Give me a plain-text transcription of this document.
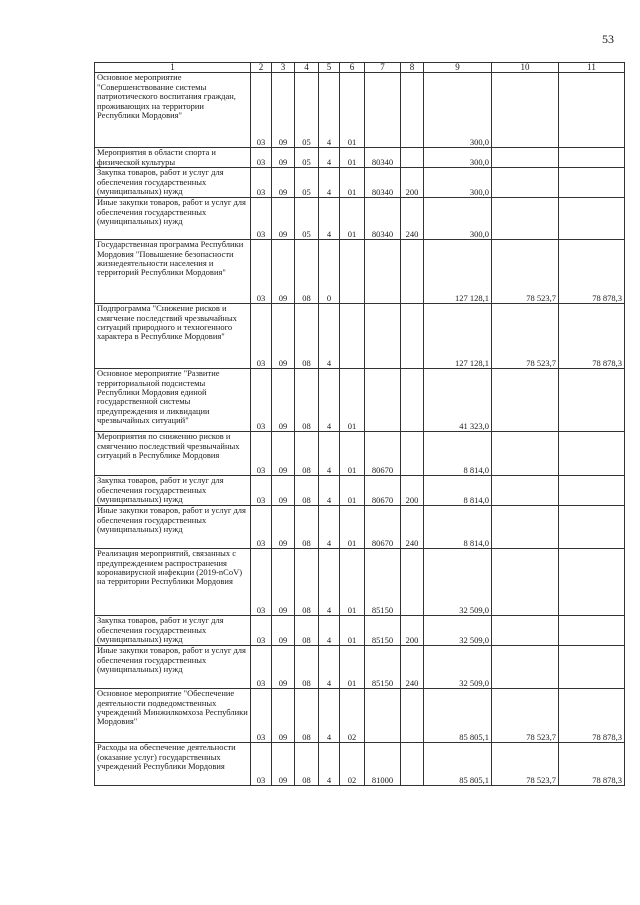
53
1	2	3	4	5	6	7	8	9	10	11
Основное мероприятие "Совершенствование системы патриотического воспитания граждан, проживающих на территории Республики Мордовия"	03	09	05	4	01			300,0		
Мероприятия в области спорта и физической культуры	03	09	05	4	01	80340		300,0		
Закупка товаров, работ и услуг для обеспечения государственных (муниципальных) нужд	03	09	05	4	01	80340	200	300,0		
Иные закупки товаров, работ и услуг для обеспечения государственных (муниципальных) нужд	03	09	05	4	01	80340	240	300,0		
Государственная программа Республики Мордовия "Повышение безопасности жизнедеятельности населения и территорий Республики Мордовия"	03	09	08	0				127 128,1	78 523,7	78 878,3
Подпрограмма "Снижение рисков и смягчение последствий чрезвычайных ситуаций природного и техногенного характера в Республике Мордовия"	03	09	08	4				127 128,1	78 523,7	78 878,3
Основное мероприятие "Развитие территориальной подсистемы Республики Мордовия единой государственной системы предупреждения и ликвидации чрезвычайных ситуаций"	03	09	08	4	01			41 323,0		
Мероприятия по снижению рисков и смягчению последствий чрезвычайных ситуаций в Республике Мордовия	03	09	08	4	01	80670		8 814,0		
Закупка товаров, работ и услуг для обеспечения государственных (муниципальных) нужд	03	09	08	4	01	80670	200	8 814,0		
Иные закупки товаров, работ и услуг для обеспечения государственных (муниципальных) нужд	03	09	08	4	01	80670	240	8 814,0		
Реализация мероприятий, связанных с предупреждением распространения коронавирусной инфекции (2019-nCoV) на территории Республики Мордовия	03	09	08	4	01	85150		32 509,0		
Закупка товаров, работ и услуг для обеспечения государственных (муниципальных) нужд	03	09	08	4	01	85150	200	32 509,0		
Иные закупки товаров, работ и услуг для обеспечения государственных (муниципальных) нужд	03	09	08	4	01	85150	240	32 509,0		
Основное мероприятие "Обеспечение деятельности подведомственных учреждений Минжилкомхоза Республики Мордовия"	03	09	08	4	02			85 805,1	78 523,7	78 878,3
Расходы на обеспечение деятельности (оказание услуг) государственных учреждений Республики Мордовия	03	09	08	4	02	81000		85 805,1	78 523,7	78 878,3
